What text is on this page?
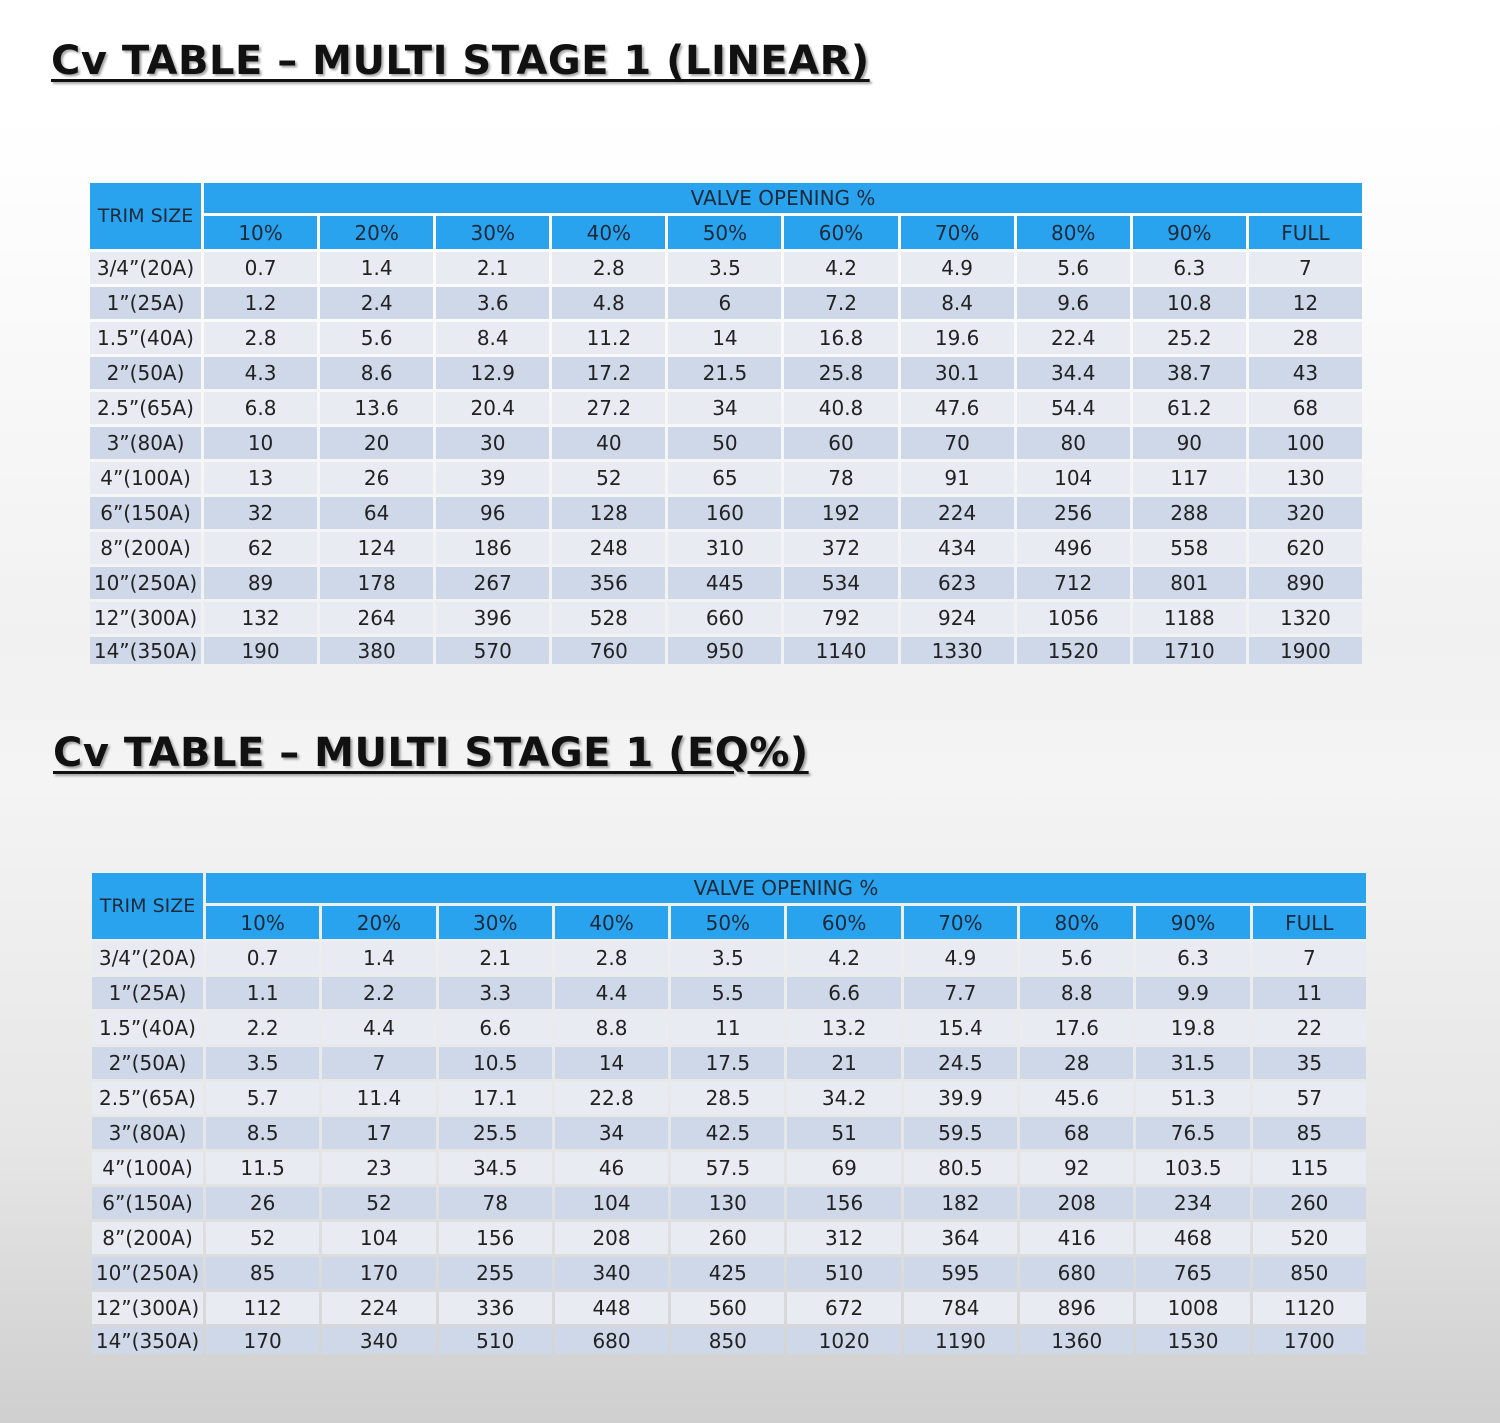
Cv TABLE – MULTI STAGE 1 (LINEAR)
TRIM SIZE	VALVE OPENING %									
	10%	20%	30%	40%	50%	60%	70%	80%	90%	FULL
3/4”(20A)	0.7	1.4	2.1	2.8	3.5	4.2	4.9	5.6	6.3	7
1”(25A)	1.2	2.4	3.6	4.8	6	7.2	8.4	9.6	10.8	12
1.5”(40A)	2.8	5.6	8.4	11.2	14	16.8	19.6	22.4	25.2	28
2”(50A)	4.3	8.6	12.9	17.2	21.5	25.8	30.1	34.4	38.7	43
2.5”(65A)	6.8	13.6	20.4	27.2	34	40.8	47.6	54.4	61.2	68
3”(80A)	10	20	30	40	50	60	70	80	90	100
4”(100A)	13	26	39	52	65	78	91	104	117	130
6”(150A)	32	64	96	128	160	192	224	256	288	320
8”(200A)	62	124	186	248	310	372	434	496	558	620
10”(250A)	89	178	267	356	445	534	623	712	801	890
12”(300A)	132	264	396	528	660	792	924	1056	1188	1320
14”(350A)	190	380	570	760	950	1140	1330	1520	1710	1900
Cv TABLE – MULTI STAGE 1 (EQ%)
TRIM SIZE	VALVE OPENING %									
	10%	20%	30%	40%	50%	60%	70%	80%	90%	FULL
3/4”(20A)	0.7	1.4	2.1	2.8	3.5	4.2	4.9	5.6	6.3	7
1”(25A)	1.1	2.2	3.3	4.4	5.5	6.6	7.7	8.8	9.9	11
1.5”(40A)	2.2	4.4	6.6	8.8	11	13.2	15.4	17.6	19.8	22
2”(50A)	3.5	7	10.5	14	17.5	21	24.5	28	31.5	35
2.5”(65A)	5.7	11.4	17.1	22.8	28.5	34.2	39.9	45.6	51.3	57
3”(80A)	8.5	17	25.5	34	42.5	51	59.5	68	76.5	85
4”(100A)	11.5	23	34.5	46	57.5	69	80.5	92	103.5	115
6”(150A)	26	52	78	104	130	156	182	208	234	260
8”(200A)	52	104	156	208	260	312	364	416	468	520
10”(250A)	85	170	255	340	425	510	595	680	765	850
12”(300A)	112	224	336	448	560	672	784	896	1008	1120
14”(350A)	170	340	510	680	850	1020	1190	1360	1530	1700
